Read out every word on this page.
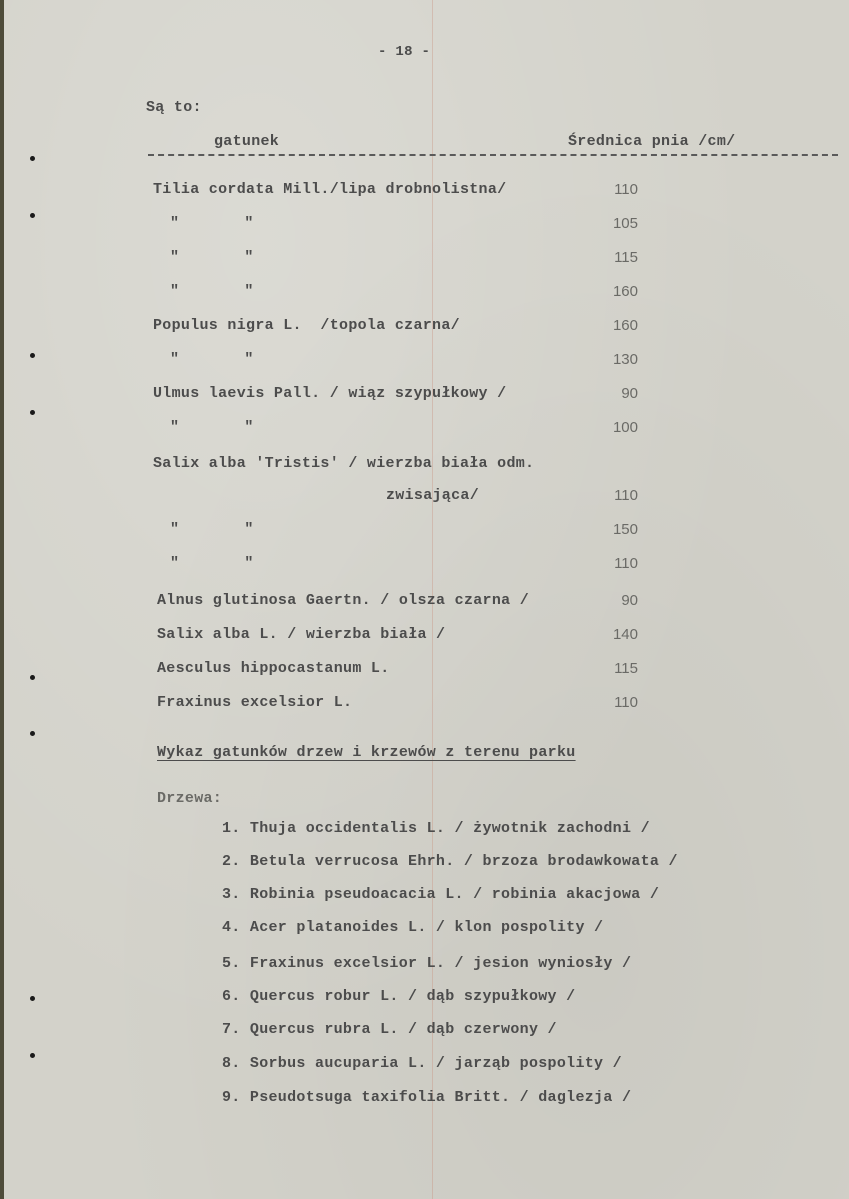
- 18 -
Są to:
gatunek	Średnica pnia /cm/
Tilia cordata Mill./lipa drobnolistna/	110
"       "	105
"       "	115
"       "	160
Populus nigra L.  /topola czarna/	160
"       "	130
Ulmus laevis Pall. / wiąz szypułkowy /	90
"       "	100
Salix alba 'Tristis' / wierzba biała odm.
zwisająca/	110
"       "	150
"       "	110
Alnus glutinosa Gaertn. / olsza czarna /	90
Salix alba L. / wierzba biała /	140
Aesculus hippocastanum L.	115
Fraxinus excelsior L.	110
Wykaz gatunków drzew i krzewów z terenu parku
Drzewa:
1. Thuja occidentalis L. / żywotnik zachodni /
2. Betula verrucosa Ehrh. / brzoza brodawkowata /
3. Robinia pseudoacacia L. / robinia akacjowa /
4. Acer platanoides L. / klon pospolity /
5. Fraxinus excelsior L. / jesion wyniosły /
6. Quercus robur L. / dąb szypułkowy /
7. Quercus rubra L. / dąb czerwony /
8. Sorbus aucuparia L. / jarząb pospolity /
9. Pseudotsuga taxifolia Britt. / daglezja /
